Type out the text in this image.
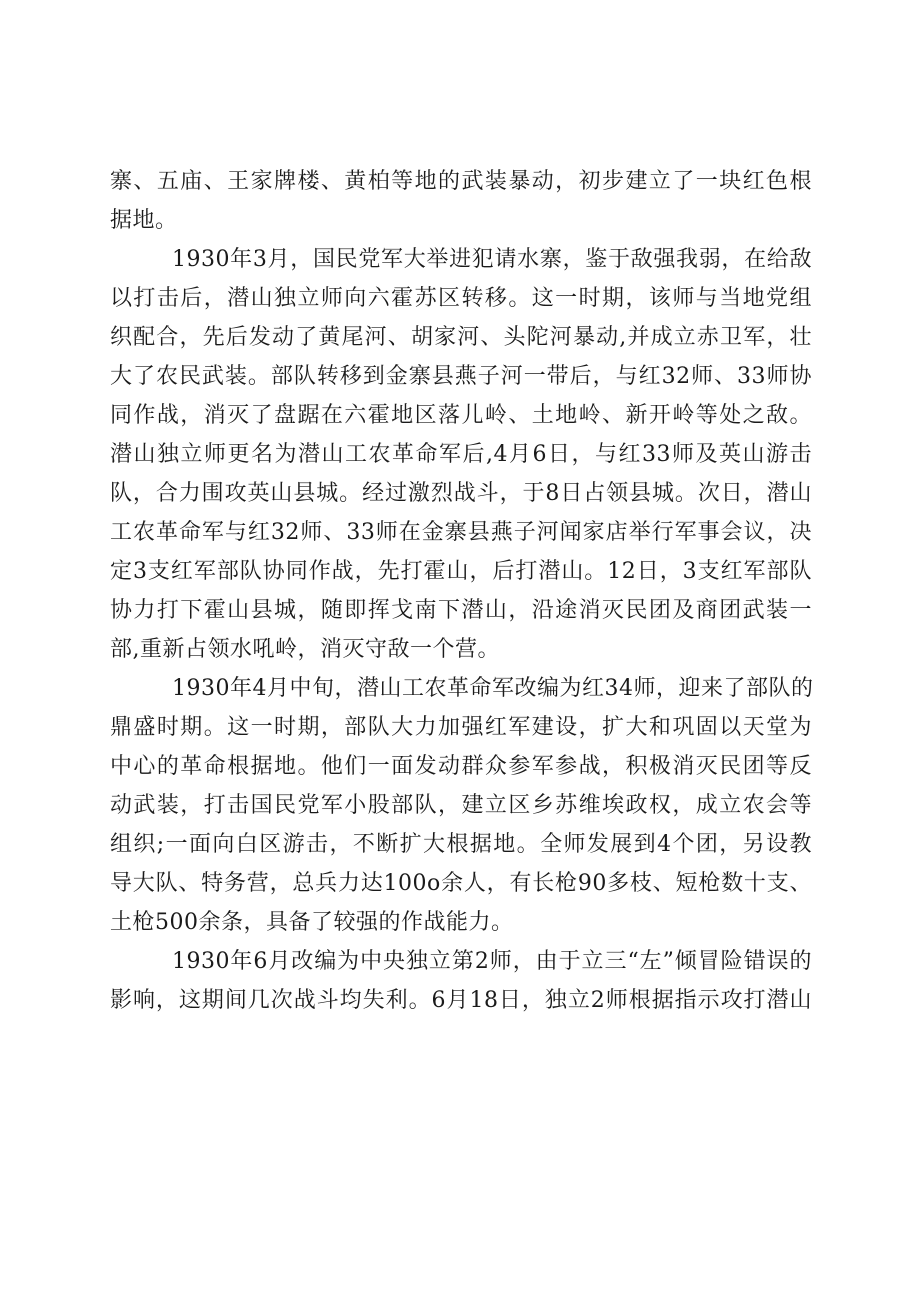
寨、五庙、王家牌楼、黄柏等地的武装暴动，初步建立了一块红色根
据地。
1930年3月，国民党军大举进犯请水寨，鉴于敌强我弱，在给敌
以打击后，潜山独立师向六霍苏区转移。这一时期，该师与当地党组
织配合，先后发动了黄尾河、胡家河、头陀河暴动,并成立赤卫军，壮
大了农民武装。部队转移到金寨县燕子河一带后，与红32师、33师协
同作战，消灭了盘踞在六霍地区落儿岭、土地岭、新开岭等处之敌。
潜山独立师更名为潜山工农革命军后,4月6日，与红33师及英山游击
队，合力围攻英山县城。经过激烈战斗，于8日占领县城。次日，潜山
工农革命军与红32师、33师在金寨县燕子河闻家店举行军事会议，决
定3支红军部队协同作战，先打霍山，后打潜山。12日，3支红军部队
协力打下霍山县城，随即挥戈南下潜山，沿途消灭民团及商团武装一
部,重新占领水吼岭，消灭守敌一个营。
1930年4月中旬，潜山工农革命军改编为红34师，迎来了部队的
鼎盛时期。这一时期，部队大力加强红军建设，扩大和巩固以天堂为
中心的革命根据地。他们一面发动群众参军参战，积极消灭民团等反
动武装，打击国民党军小股部队，建立区乡苏维埃政权，成立农会等
组织;一面向白区游击，不断扩大根据地。全师发展到4个团，另设教
导大队、特务营，总兵力达100o余人，有长枪90多枝、短枪数十支、
土枪500余条，具备了较强的作战能力。
1930年6月改编为中央独立第2师，由于立三“左”倾冒险错误的
影响，这期间几次战斗均失利。6月18日，独立2师根据指示攻打潜山
